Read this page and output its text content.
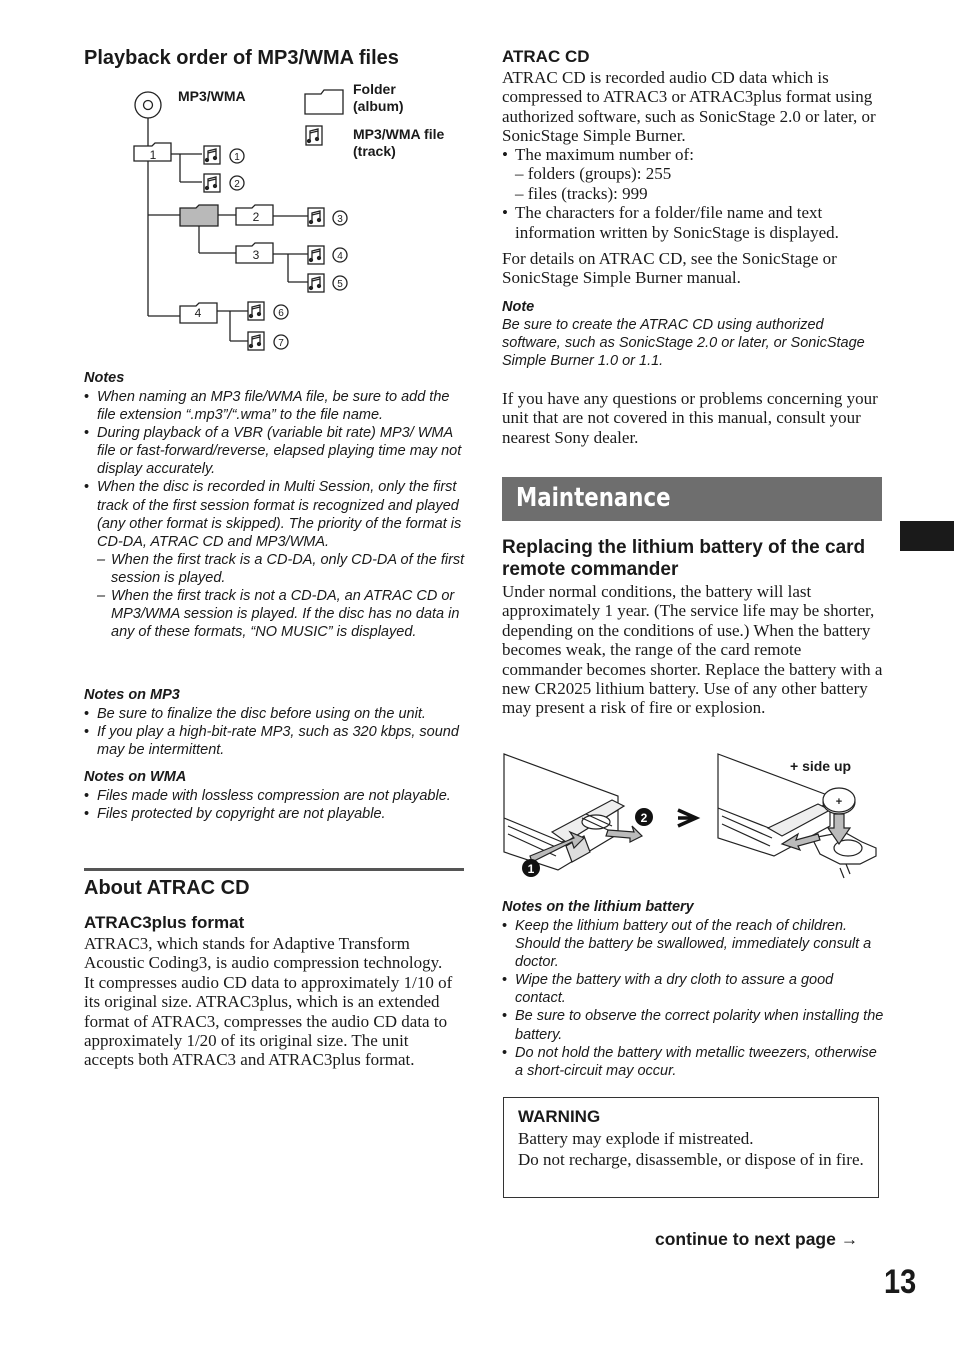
Playback order of MP3/WMA files
1
2
3
4
1
2
3
4
5
6
7
MP3/WMA	Folder
(album)
MP3/WMA file
(track)

Notes

• When naming an MP3 file/WMA file, be sure to add the file extension “.mp3”/“.wma” to the file name.
• During playback of a VBR (variable bit rate) MP3/ WMA file or fast-forward/reverse, elapsed playing time may not display accurately.
• When the disc is recorded in Multi Session, only the first track of the first session format is recognized and played (any other format is skipped). The priority of the format is CD-DA, ATRAC CD and MP3/WMA.
– When the first track is a CD-DA, only CD-DA of the first session is played.
– When the first track is not a CD-DA, an ATRAC CD or MP3/WMA session is played. If the disc has no data in any of these formats, “NO MUSIC” is displayed.

Notes on MP3

• Be sure to finalize the disc before using on the unit.
• If you play a high-bit-rate MP3, such as 320 kbps, sound may be intermittent.

Notes on WMA

• Files made with lossless compression are not playable.
• Files protected by copyright are not playable.
About ATRAC CD
ATRAC3plus format

ATRAC3, which stands for Adaptive Transform Acoustic Coding3, is audio compression technology. It compresses audio CD data to approximately 1/10 of its original size. ATRAC3plus, which is an extended format of ATRAC3, compresses the audio CD data to approximately 1/20 of its original size. The unit accepts both ATRAC3 and ATRAC3plus format.

ATRAC CD

ATRAC CD is recorded audio CD data which is compressed to ATRAC3 or ATRAC3plus format using authorized software, such as SonicStage 2.0 or later, or SonicStage Simple Burner.

• The maximum number of:
– folders (groups): 255
– files (tracks): 999
• The characters for a folder/file name and text information written by SonicStage is displayed.

For details on ATRAC CD, see the SonicStage or SonicStage Simple Burner manual.

Note

Be sure to create the ATRAC CD using authorized software, such as SonicStage 2.0 or later, or SonicStage Simple Burner 1.0 or 1.1.

If you have any questions or problems concerning your unit that are not covered in this manual, consult your nearest Sony dealer.

Maintenance
Replacing the lithium battery of the card remote commander

Under normal conditions, the battery will last approximately 1 year. (The service life may be shorter, depending on the conditions of use.) When the battery becomes weak, the range of the card remote commander becomes shorter. Replace the battery with a new CR2025 lithium battery. Use of any other battery may present a risk of fire or explosion.

+
2
1
+ side up

Notes on the lithium battery

• Keep the lithium battery out of the reach of children. Should the battery be swallowed, immediately consult a doctor.
• Wipe the battery with a dry cloth to assure a good contact.
• Be sure to observe the correct polarity when installing the battery.
• Do not hold the battery with metallic tweezers, otherwise a short-circuit may occur.
WARNING
Battery may explode if mistreated.
Do not recharge, disassemble, or dispose of in fire.
continue to next page →
13
